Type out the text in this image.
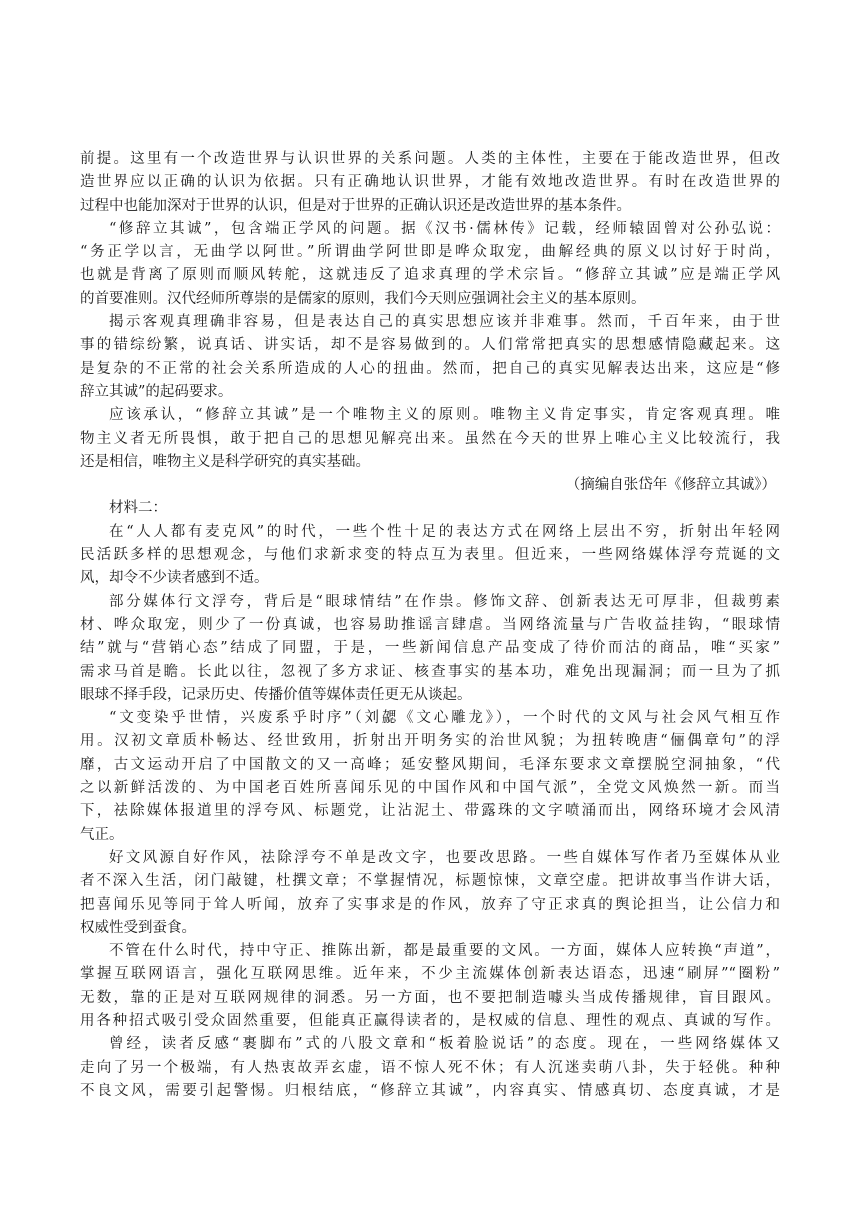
前提。这里有一个改造世界与认识世界的关系问题。人类的主体性，主要在于能改造世界，但改
造世界应以正确的认识为依据。只有正确地认识世界，才能有效地改造世界。有时在改造世界的
过程中也能加深对于世界的认识，但是对于世界的正确认识还是改造世界的基本条件。
“修辞立其诚”，包含端正学风的问题。据《汉书·儒林传》记载，经师辕固曾对公孙弘说：
“务正学以言，无曲学以阿世。”所谓曲学阿世即是哗众取宠，曲解经典的原义以讨好于时尚，
也就是背离了原则而顺风转舵，这就违反了追求真理的学术宗旨。“修辞立其诚”应是端正学风
的首要准则。汉代经师所尊崇的是儒家的原则，我们今天则应强调社会主义的基本原则。
揭示客观真理确非容易，但是表达自己的真实思想应该并非难事。然而，千百年来，由于世
事的错综纷繁，说真话、讲实话，却不是容易做到的。人们常常把真实的思想感情隐藏起来。这
是复杂的不正常的社会关系所造成的人心的扭曲。然而，把自己的真实见解表达出来，这应是“修
辞立其诚”的起码要求。
应该承认，“修辞立其诚”是一个唯物主义的原则。唯物主义肯定事实，肯定客观真理。唯
物主义者无所畏惧，敢于把自己的思想见解亮出来。虽然在今天的世界上唯心主义比较流行，我
还是相信，唯物主义是科学研究的真实基础。
（摘编自张岱年《修辞立其诚》）
材料二：
在“人人都有麦克风”的时代，一些个性十足的表达方式在网络上层出不穷，折射出年轻网
民活跃多样的思想观念，与他们求新求变的特点互为表里。但近来，一些网络媒体浮夸荒诞的文
风，却令不少读者感到不适。
部分媒体行文浮夸，背后是“眼球情结”在作祟。修饰文辞、创新表达无可厚非，但裁剪素
材、哗众取宠，则少了一份真诚，也容易助推谣言肆虐。当网络流量与广告收益挂钩，“眼球情
结”就与“营销心态”结成了同盟，于是，一些新闻信息产品变成了待价而沽的商品，唯“买家”
需求马首是瞻。长此以往，忽视了多方求证、核查事实的基本功，难免出现漏洞；而一旦为了抓
眼球不择手段，记录历史、传播价值等媒体责任更无从谈起。
“文变染乎世情，兴废系乎时序”（刘勰《文心雕龙》），一个时代的文风与社会风气相互作
用。汉初文章质朴畅达、经世致用，折射出开明务实的治世风貌；为扭转晚唐“俪偶章句”的浮
靡，古文运动开启了中国散文的又一高峰；延安整风期间，毛泽东要求文章摆脱空洞抽象，“代
之以新鲜活泼的、为中国老百姓所喜闻乐见的中国作风和中国气派”，全党文风焕然一新。而当
下，祛除媒体报道里的浮夸风、标题党，让沾泥土、带露珠的文字喷涌而出，网络环境才会风清
气正。
好文风源自好作风，祛除浮夸不单是改文字，也要改思路。一些自媒体写作者乃至媒体从业
者不深入生活，闭门敲键，杜撰文章；不掌握情况，标题惊悚，文章空虚。把讲故事当作讲大话，
把喜闻乐见等同于耸人听闻，放弃了实事求是的作风，放弃了守正求真的舆论担当，让公信力和
权威性受到蚕食。
不管在什么时代，持中守正、推陈出新，都是最重要的文风。一方面，媒体人应转换“声道”，
掌握互联网语言，强化互联网思维。近年来，不少主流媒体创新表达语态，迅速“刷屏”“圈粉”
无数，靠的正是对互联网规律的洞悉。另一方面，也不要把制造噱头当成传播规律，盲目跟风。
用各种招式吸引受众固然重要，但能真正赢得读者的，是权威的信息、理性的观点、真诚的写作。
曾经，读者反感“裹脚布”式的八股文章和“板着脸说话”的态度。现在，一些网络媒体又
走向了另一个极端，有人热衷故弄玄虚，语不惊人死不休；有人沉迷卖萌八卦，失于轻佻。种种
不良文风，需要引起警惕。归根结底，“修辞立其诚”，内容真实、情感真切、态度真诚，才是
